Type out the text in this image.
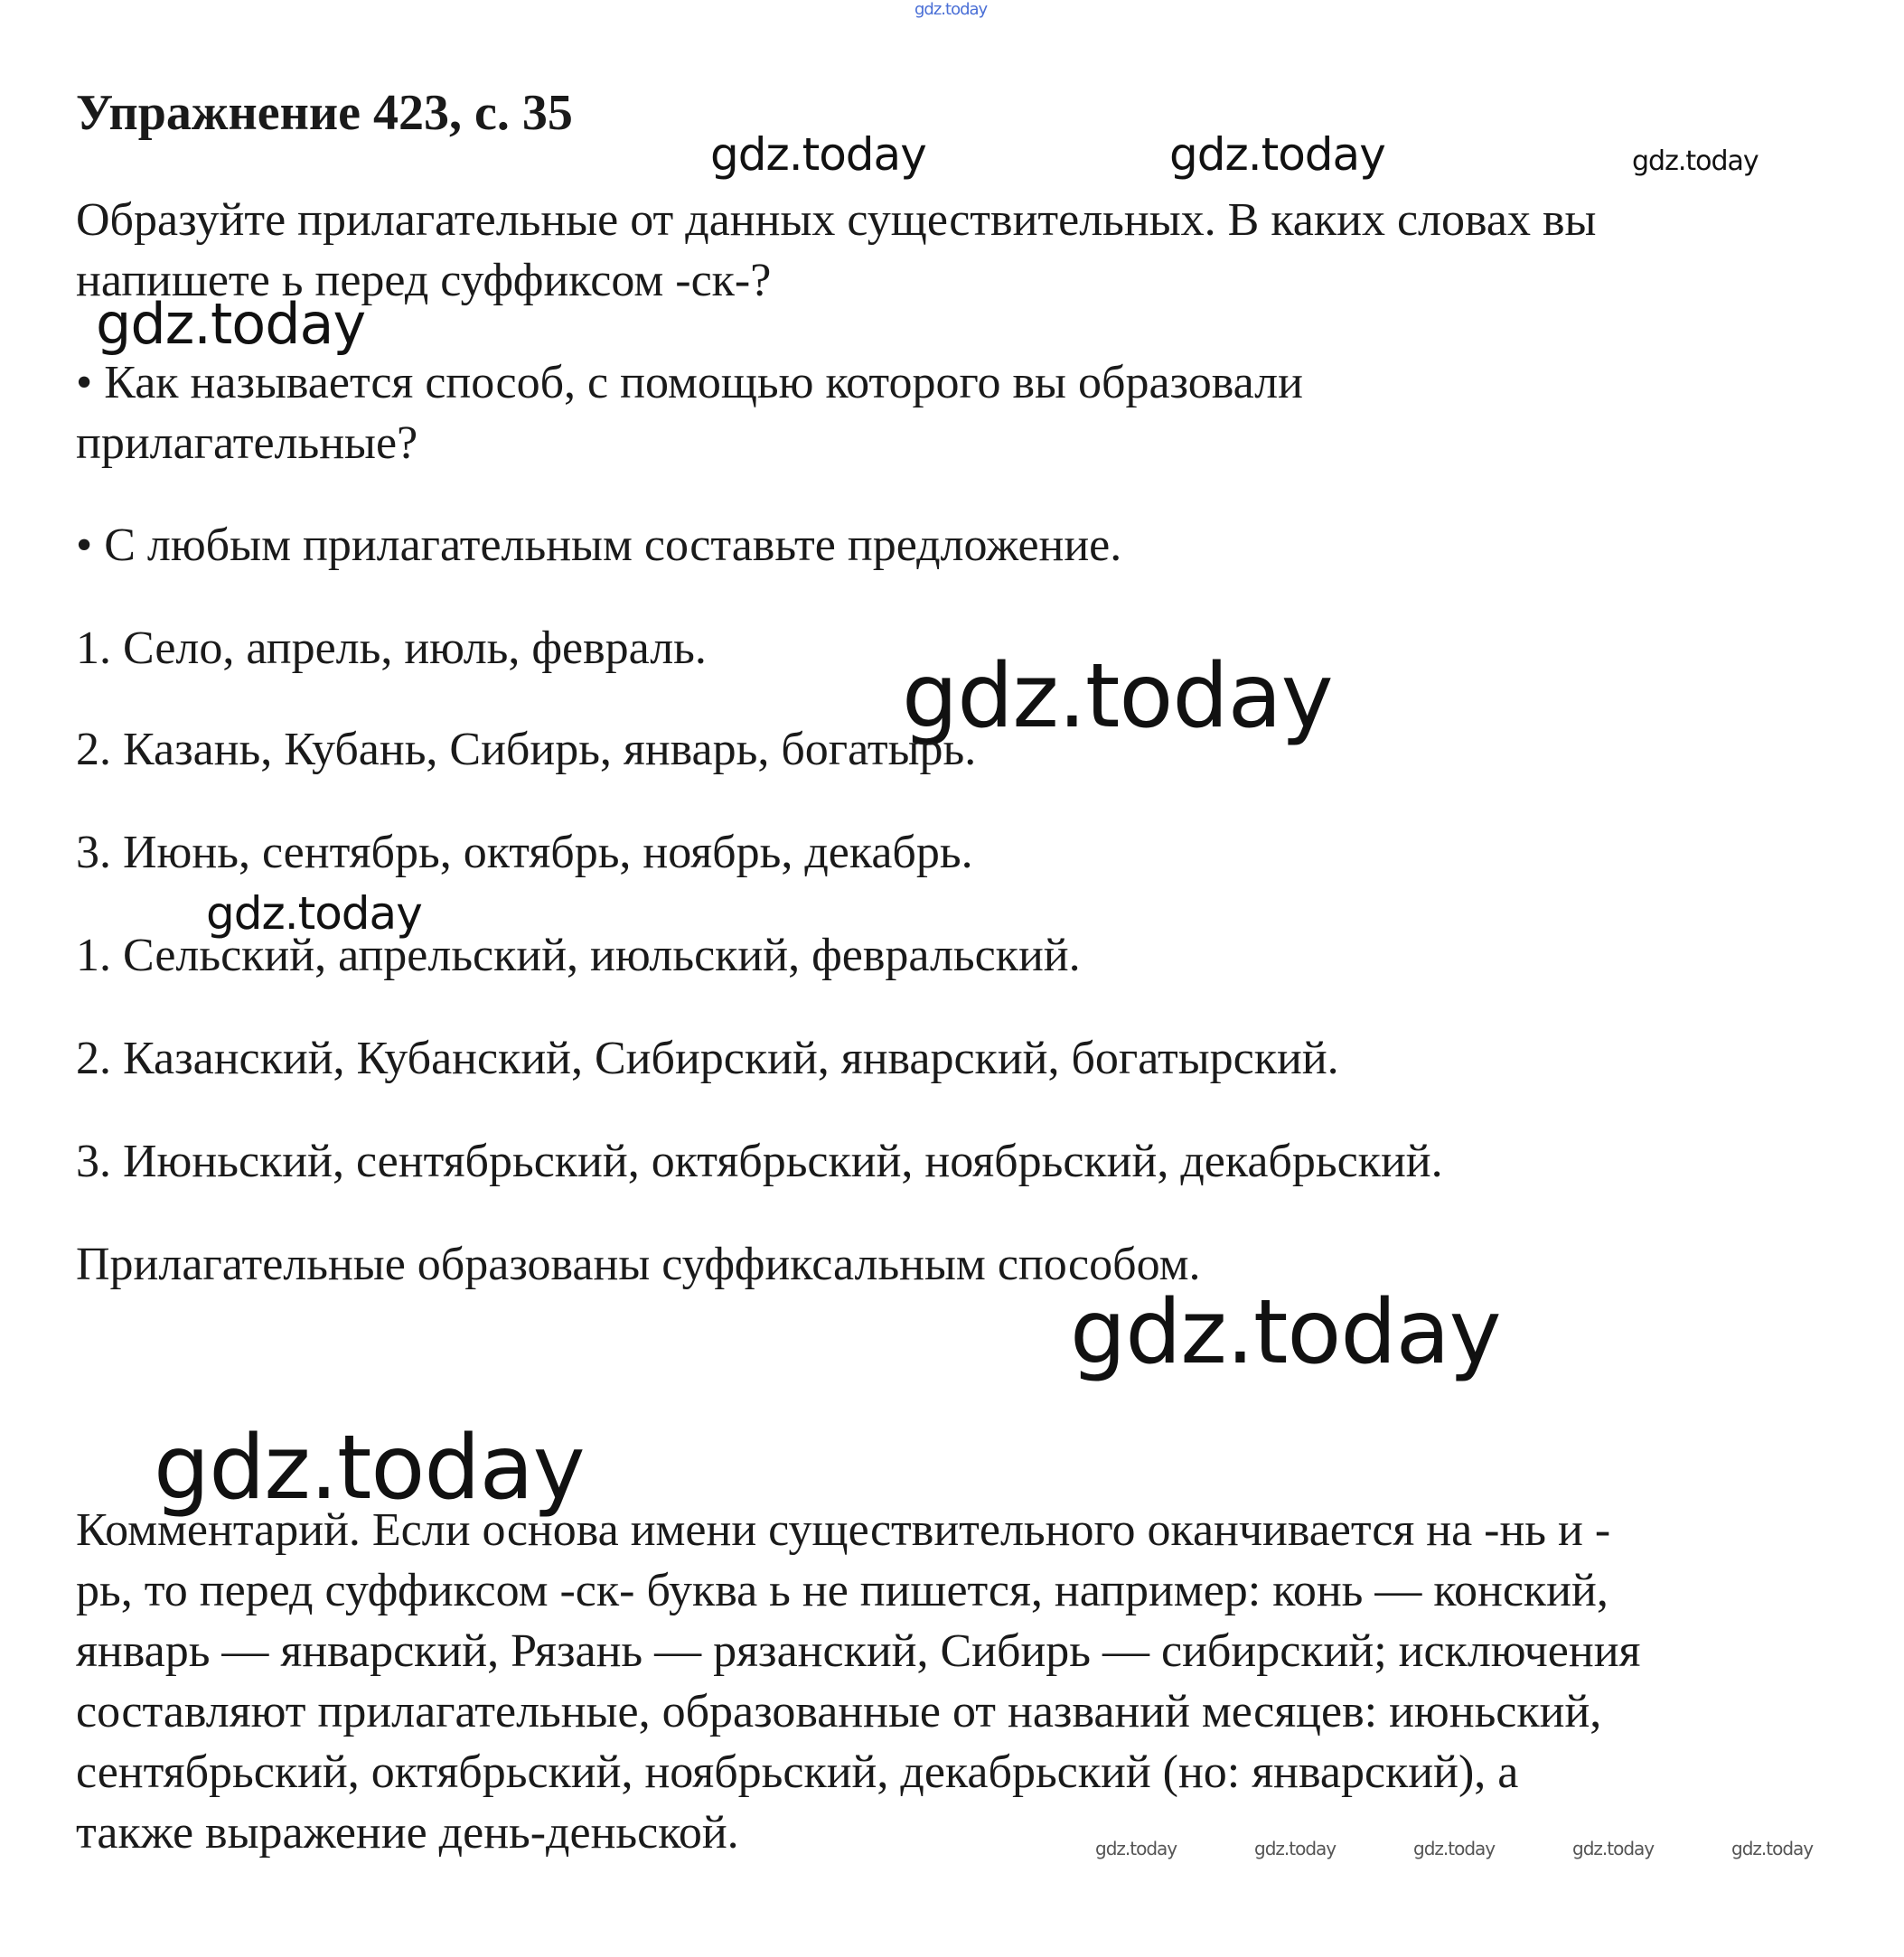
gdz.today
Упражнение 423, с. 35
gdz.today	gdz.today	gdz.today
Образуйте прилагательные от данных существительных. В каких словах вы
напишете ь перед суффиксом -ск-?
gdz.today
• Как называется способ, с помощью которого вы образовали
прилагательные?
• С любым прилагательным составьте предложение.
1. Село, апрель, июль, февраль.	gdz.today
2. Казань, Кубань, Сибирь, январь, богатырь.
3. Июнь, сентябрь, октябрь, ноябрь, декабрь.
gdz.today
1. Сельский, апрельский, июльский, февральский.
2. Казанский, Кубанский, Сибирский, январский, богатырский.
3. Июньский, сентябрьский, октябрьский, ноябрьский, декабрьский.
Прилагательные образованы суффиксальным способом.
gdz.today
gdz.today
Комментарий. Если основа имени существительного оканчивается на -нь и -
рь, то перед суффиксом -ск- буква ь не пишется, например: конь — конский,
январь — январский, Рязань — рязанский, Сибирь — сибирский; исключения
составляют прилагательные, образованные от названий месяцев: июньский,
сентябрьский, октябрьский, ноябрьский, декабрьский (но: январский), а
также выражение день-деньской.	gdz.today	gdz.today	gdz.today	gdz.today	gdz.today
